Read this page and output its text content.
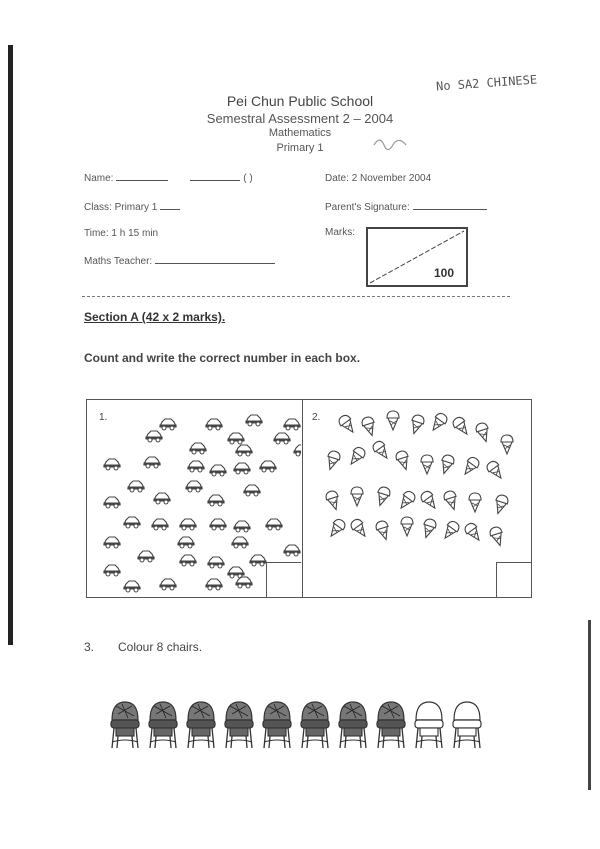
No SA2 CHINESE
Pei Chun Public School
Semestral Assessment 2 – 2004
Mathematics
Primary 1
Name:	( )	Date: 2 November 2004
Class: Primary 1	Parent's Signature:
Time: 1 h 15 min	Marks:
100
Maths Teacher:
Section A (42 x 2 marks).
Count and write the correct number in each box.
1.	2.
3. Colour 8 chairs.
